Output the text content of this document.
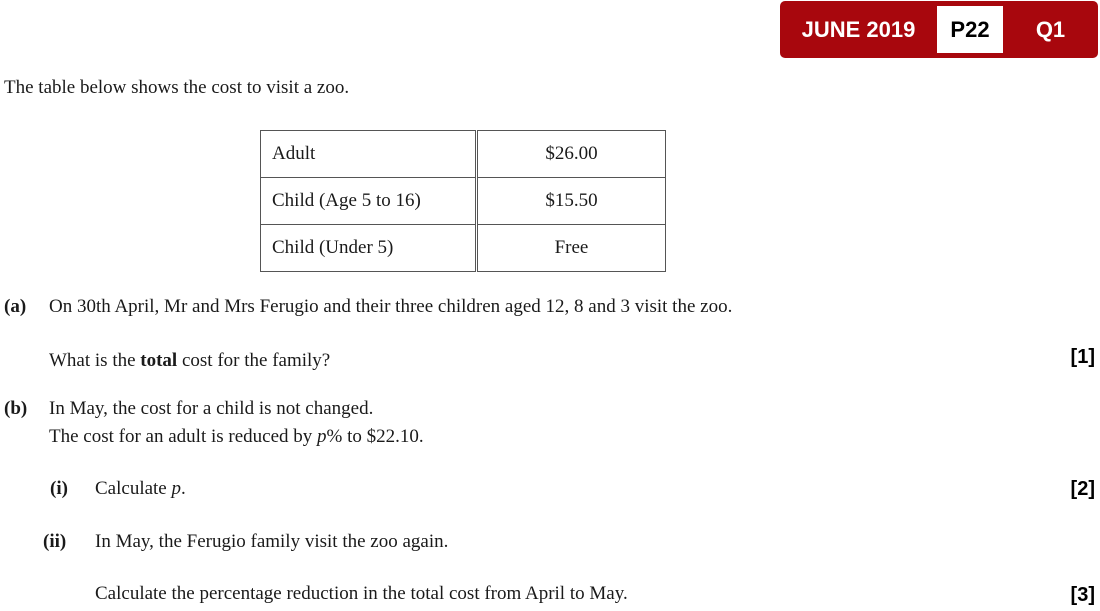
JUNE 2019	P22	Q1
The table below shows the cost to visit a zoo.
Adult	$26.00
Child (Age 5 to 16)	$15.50
Child (Under 5)	Free
(a) On 30th April, Mr and Mrs Ferugio and their three children aged 12, 8 and 3 visit the zoo.
What is the total cost for the family?	[1]
(b) In May, the cost for a child is not changed.
The cost for an adult is reduced by p% to $22.10.
(i) Calculate p.	[2]
(ii) In May, the Ferugio family visit the zoo again.
Calculate the percentage reduction in the total cost from April to May.	[3]
